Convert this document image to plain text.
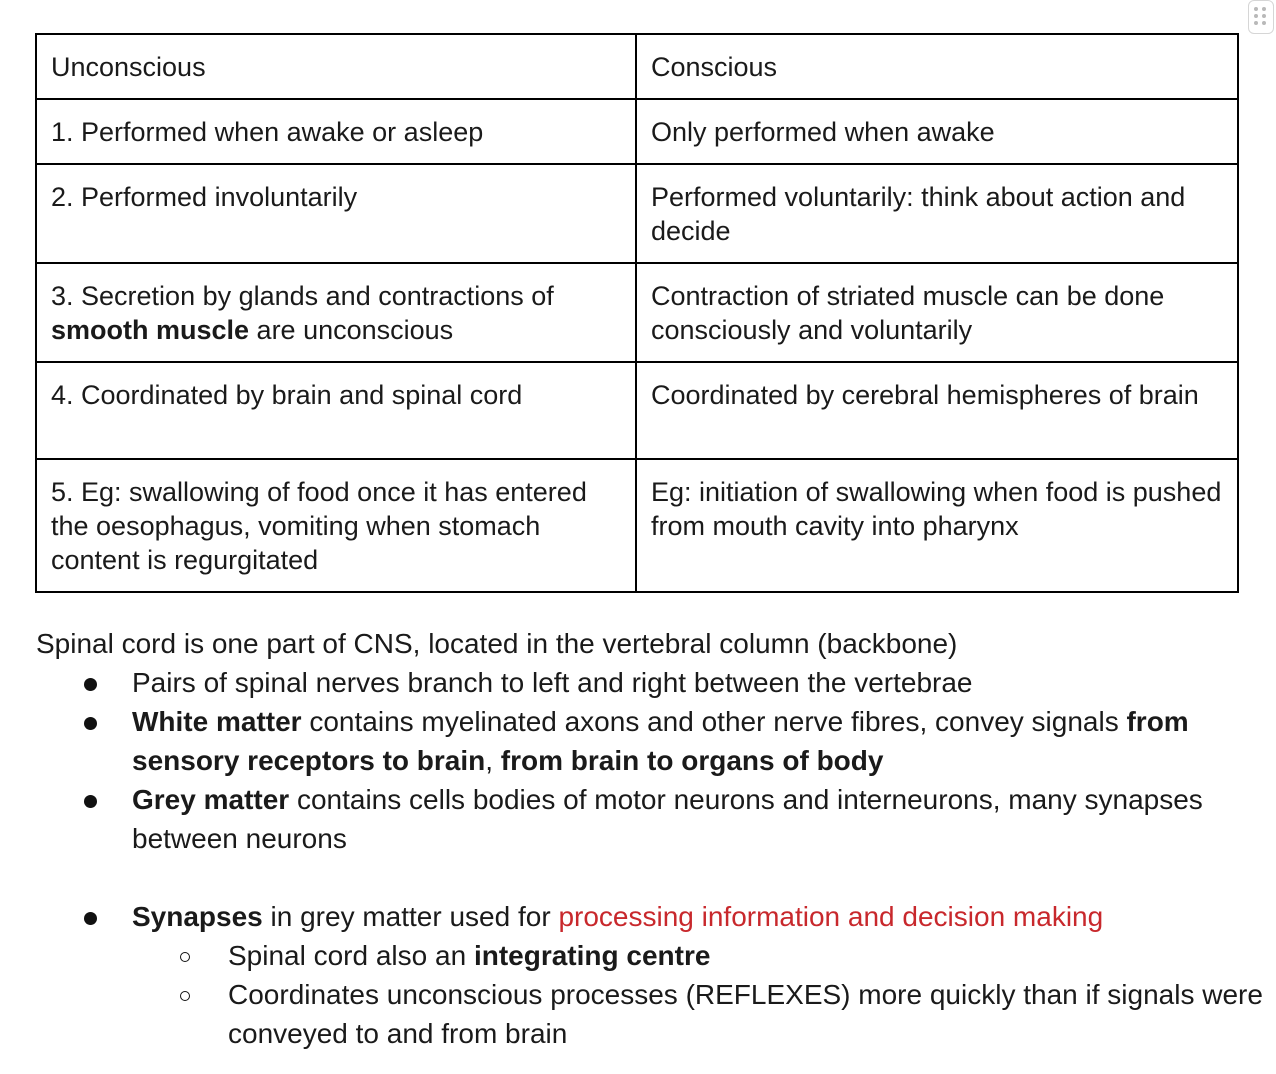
Unconscious	Conscious
1. Performed when awake or asleep	Only performed when awake
2. Performed involuntarily	Performed voluntarily: think about action and decide
3. Secretion by glands and contractions of smooth muscle are unconscious	Contraction of striated muscle can be done consciously and voluntarily
4. Coordinated by brain and spinal cord	Coordinated by cerebral hemispheres of brain
5. Eg: swallowing of food once it has entered the oesophagus, vomiting when stomach content is regurgitated	Eg: initiation of swallowing when food is pushed from mouth cavity into pharynx

Spinal cord is one part of CNS, located in the vertebral column (backbone)

Pairs of spinal nerves branch to left and right between the vertebrae
White matter contains myelinated axons and other nerve fibres, convey signals from sensory receptors to brain, from brain to organs of body
Grey matter contains cells bodies of motor neurons and interneurons, many synapses between neurons
Synapses in grey matter used for processing information and decision making
Spinal cord also an integrating centre
Coordinates unconscious processes (REFLEXES) more quickly than if signals were conveyed to and from brain
